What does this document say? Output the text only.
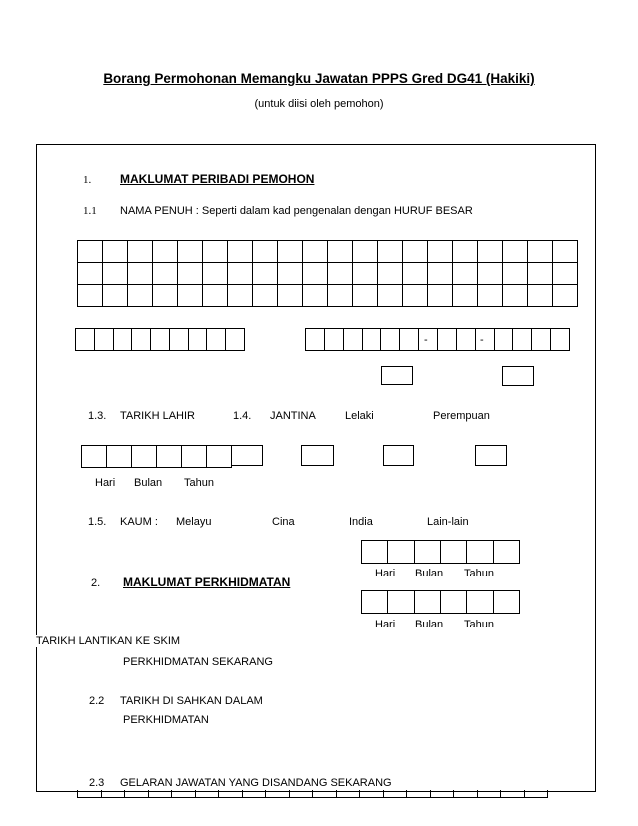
Borang Permohonan Memangku Jawatan PPPS Gred DG41 (Hakiki)
(untuk diisi oleh pemohon)
1. MAKLUMAT PERIBADI PEMOHON
1.1 NAMA PENUH : Seperti dalam kad pengenalan dengan HURUF BESAR
-	-
1.3. TARIKH LAHIR	1.4. JANTINA	Lelaki	Perempuan
Hari Bulan Tahun
1.5. KAUM : Melayu	Cina	India	Lain-lain
Hari Bulan Tahun
2. MAKLUMAT PERKHIDMATAN
Hari Bulan Tahun
TARIKH LANTIKAN KE SKIM
PERKHIDMATAN SEKARANG
2.2 TARIKH DI SAHKAN DALAM
PERKHIDMATAN
2.3 GELARAN JAWATAN YANG DISANDANG SEKARANG
